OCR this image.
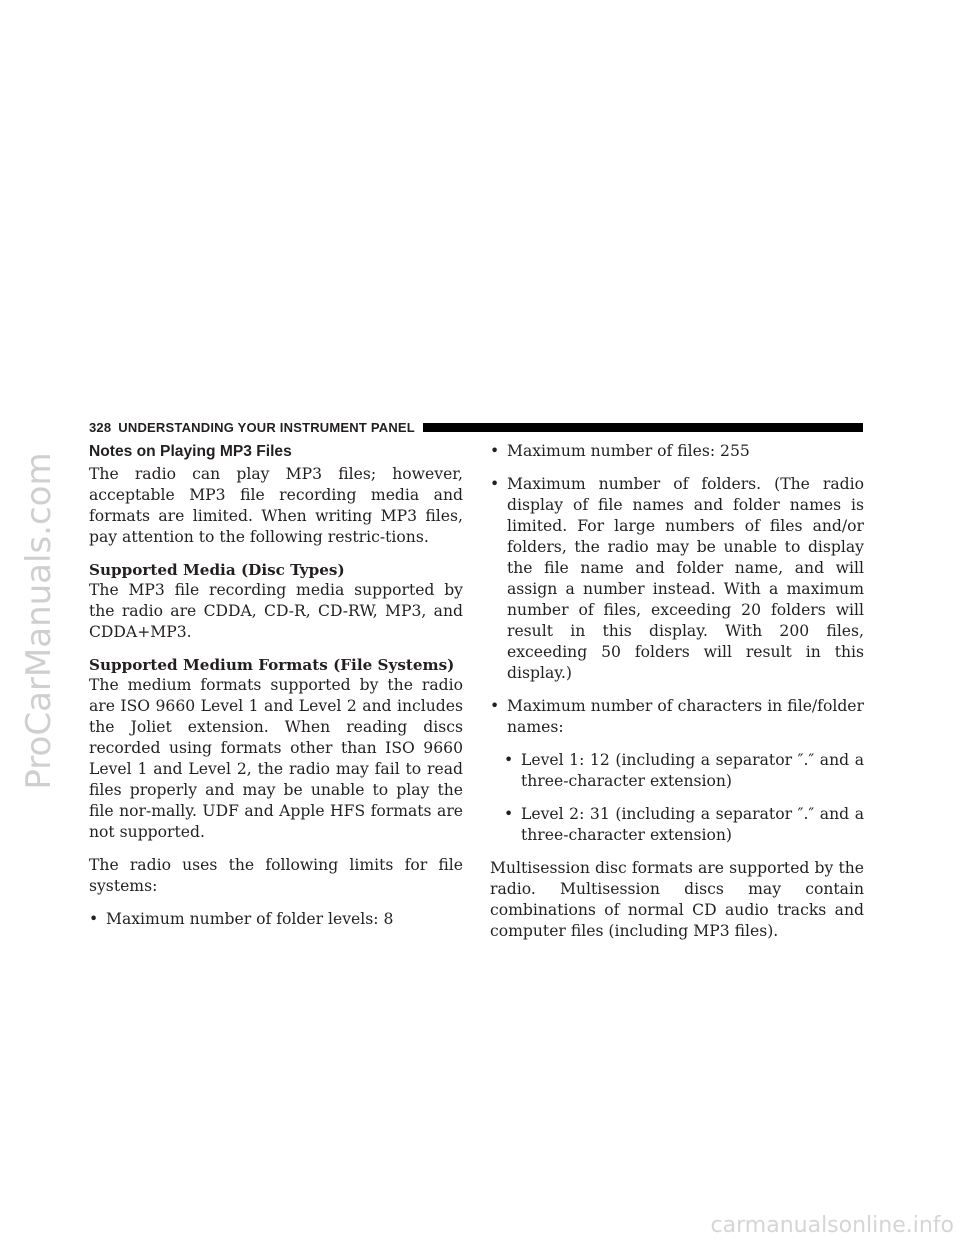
ProCarManuals.com
carmanualsonline.info
328 UNDERSTANDING YOUR INSTRUMENT PANEL
Notes on Playing MP3 Files

The radio can play MP3 files; however, acceptable MP3 file recording media and formats are limited. When writing MP3 files, pay attention to the following restric-tions.

Supported Media (Disc Types)

The MP3 file recording media supported by the radio are CDDA, CD-R, CD-RW, MP3, and CDDA+MP3.

Supported Medium Formats (File Systems)

The medium formats supported by the radio are ISO 9660 Level 1 and Level 2 and includes the Joliet extension. When reading discs recorded using formats other than ISO 9660 Level 1 and Level 2, the radio may fail to read files properly and may be unable to play the file nor-mally. UDF and Apple HFS formats are not supported.

The radio uses the following limits for file systems:

• Maximum number of folder levels: 8
• Maximum number of files: 255
• Maximum number of folders. (The radio display of file names and folder names is limited. For large numbers of files and/or folders, the radio may be unable to display the file name and folder name, and will assign a number instead. With a maximum number of files, exceeding 20 folders will result in this display. With 200 files, exceeding 50 folders will result in this display.)
• Maximum number of characters in file/folder names:
• Level 1: 12 (including a separator ″.″ and a three-character extension)
• Level 2: 31 (including a separator ″.″ and a three-character extension)

Multisession disc formats are supported by the radio. Multisession discs may contain combinations of normal CD audio tracks and computer files (including MP3 files).
